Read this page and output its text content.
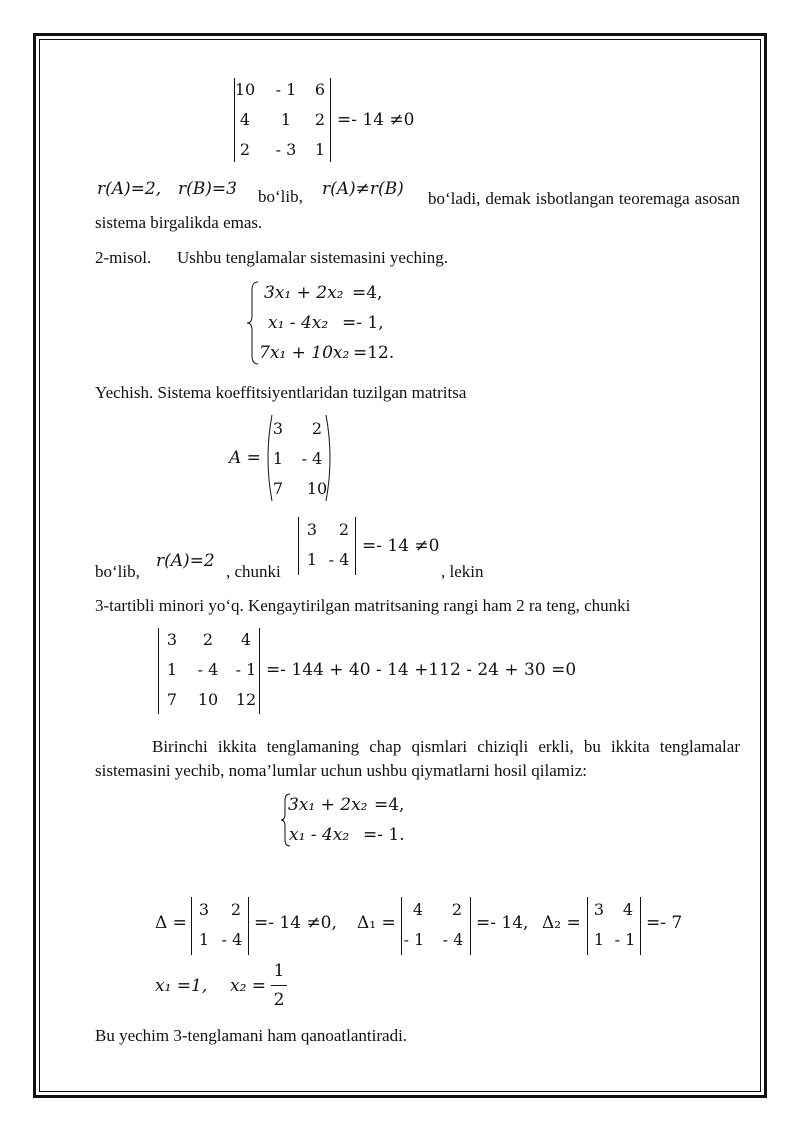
10 - 1	6
4	1	2
2	- 3	1
=- 14 ≠0
r(A)=2, r(B)=3 bo‘lib, r(A)≠r(B)	bo‘ladi, demak isbotlangan teoremaga asosan sistema birgalikda emas.
2-misol. Ushbu tenglamalar sistemasini yeching.
3x₁ + 2x₂ =4,
x₁ - 4x₂ =- 1,
7x₁ + 10x₂ =12.
Yechish. Sistema koeffitsiyentlaridan tuzilgan matritsa
A =
3	2
1	- 4
7	10
bo‘lib,
r(A)=2
, chunki
3	2
1 - 4
=- 14 ≠0
, lekin
3-tartibli minori yo‘q. Kengaytirilgan matritsaning rangi ham 2 ra teng, chunki
3	2	4
1	- 4 - 1
7	10 12
=- 144 + 40 - 14 +112 - 24 + 30 =0
Birinchi ikkita tenglamaning chap qismlari chiziqli erkli, bu ikkita tenglamalar sistemasini yechib, noma’lumlar uchun ushbu qiymatlarni hosil qilamiz:
3x₁ + 2x₂ =4,
x₁ - 4x₂ =- 1.
Δ =
3	2
1 - 4
=- 14 ≠0, Δ₁ =
4	2
- 1 - 4
=- 14, Δ₂ =
3	4
1 - 1
=- 7
x₁ =1, x₂ =
1
2
Bu yechim 3-tenglamani ham qanoatlantiradi.
